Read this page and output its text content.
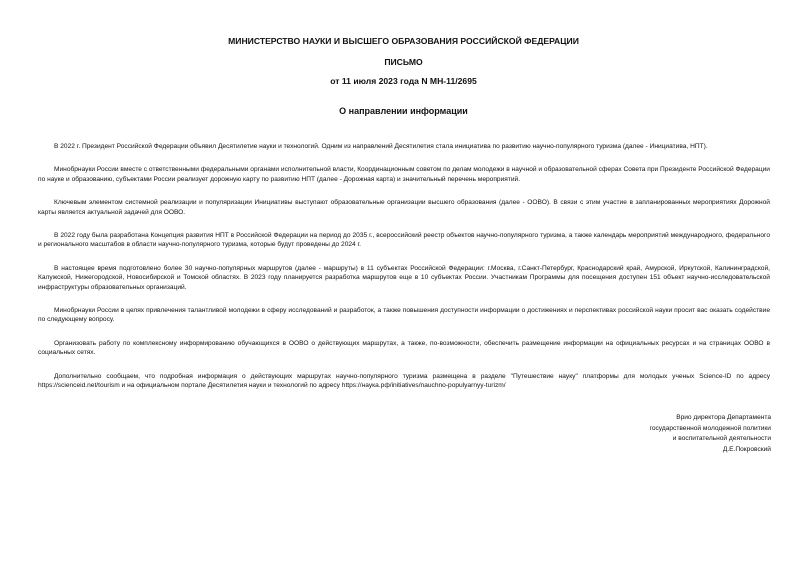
МИНИСТЕРСТВО НАУКИ И ВЫСШЕГО ОБРАЗОВАНИЯ РОССИЙСКОЙ ФЕДЕРАЦИИ
ПИСЬМО
от 11 июля 2023 года N МН-11/2695
О направлении информации

В 2022 г. Президент Российской Федерации объявил Десятилетие науки и технологий. Одним из направлений Десятилетия стала инициатива по развитию научно-популярного туризма (далее - Инициатива, НПТ).

Минобрнауки России вместе с ответственными федеральными органами исполнительной власти, Координационным советом по делам молодежи в научной и образовательной сферах Совета при Президенте Российской Федерации по науке и образованию, субъектами России реализует дорожную карту по развитию НПТ (далее - Дорожная карта) и значительный перечень мероприятий.

Ключевым элементом системной реализации и популяризации Инициативы выступают образовательные организации высшего образования (далее - ООВО). В связи с этим участие в запланированных мероприятиях Дорожной карты является актуальной задачей для ООВО.

В 2022 году была разработана Концепция развития НПТ в Российской Федерации на период до 2035 г., всероссийский реестр объектов научно-популярного туризма, а также календарь мероприятий международного, федерального и регионального масштабов в области научно-популярного туризма, которые будут проведены до 2024 г.

В настоящее время подготовлено более 30 научно-популярных маршрутов (далее - маршруты) в 11 субъектах Российской Федерации: г.Москва, г.Санкт-Петербург, Краснодарский край, Амурской, Иркутской, Калининградской, Калужской, Нижегородской, Новосибирской и Томской областях. В 2023 году планируется разработка маршрутов еще в 10 субъектах России. Участникам Программы для посещения доступен 151 объект научно-исследовательской инфраструктуры образовательных организаций.

Минобрнауки России в целях привлечения талантливой молодежи в сферу исследований и разработок, а также повышения доступности информации о достижениях и перспективах российской науки просит вас оказать содействие по следующему вопросу.

Организовать работу по комплексному информированию обучающихся в ООВО о действующих маршрутах, а также, по-возможности, обеспечить размещение информации на официальных ресурсах и на страницах ООВО в социальных сетях.

Дополнительно сообщаем, что подробная информация о действующих маршрутах научно-популярного туризма размещена в разделе "Путешествие науку" платформы для молодых ученых Science-ID по адресу https://scienceid.net/tourism и на официальном портале Десятилетия науки и технологий по адресу https://наука.рф/initiatives/nauchno-populyarnyy-turizm/

Врио директора Департамента
государственной молодежной политики
и воспитательной деятельности
Д.Е.Покровский
